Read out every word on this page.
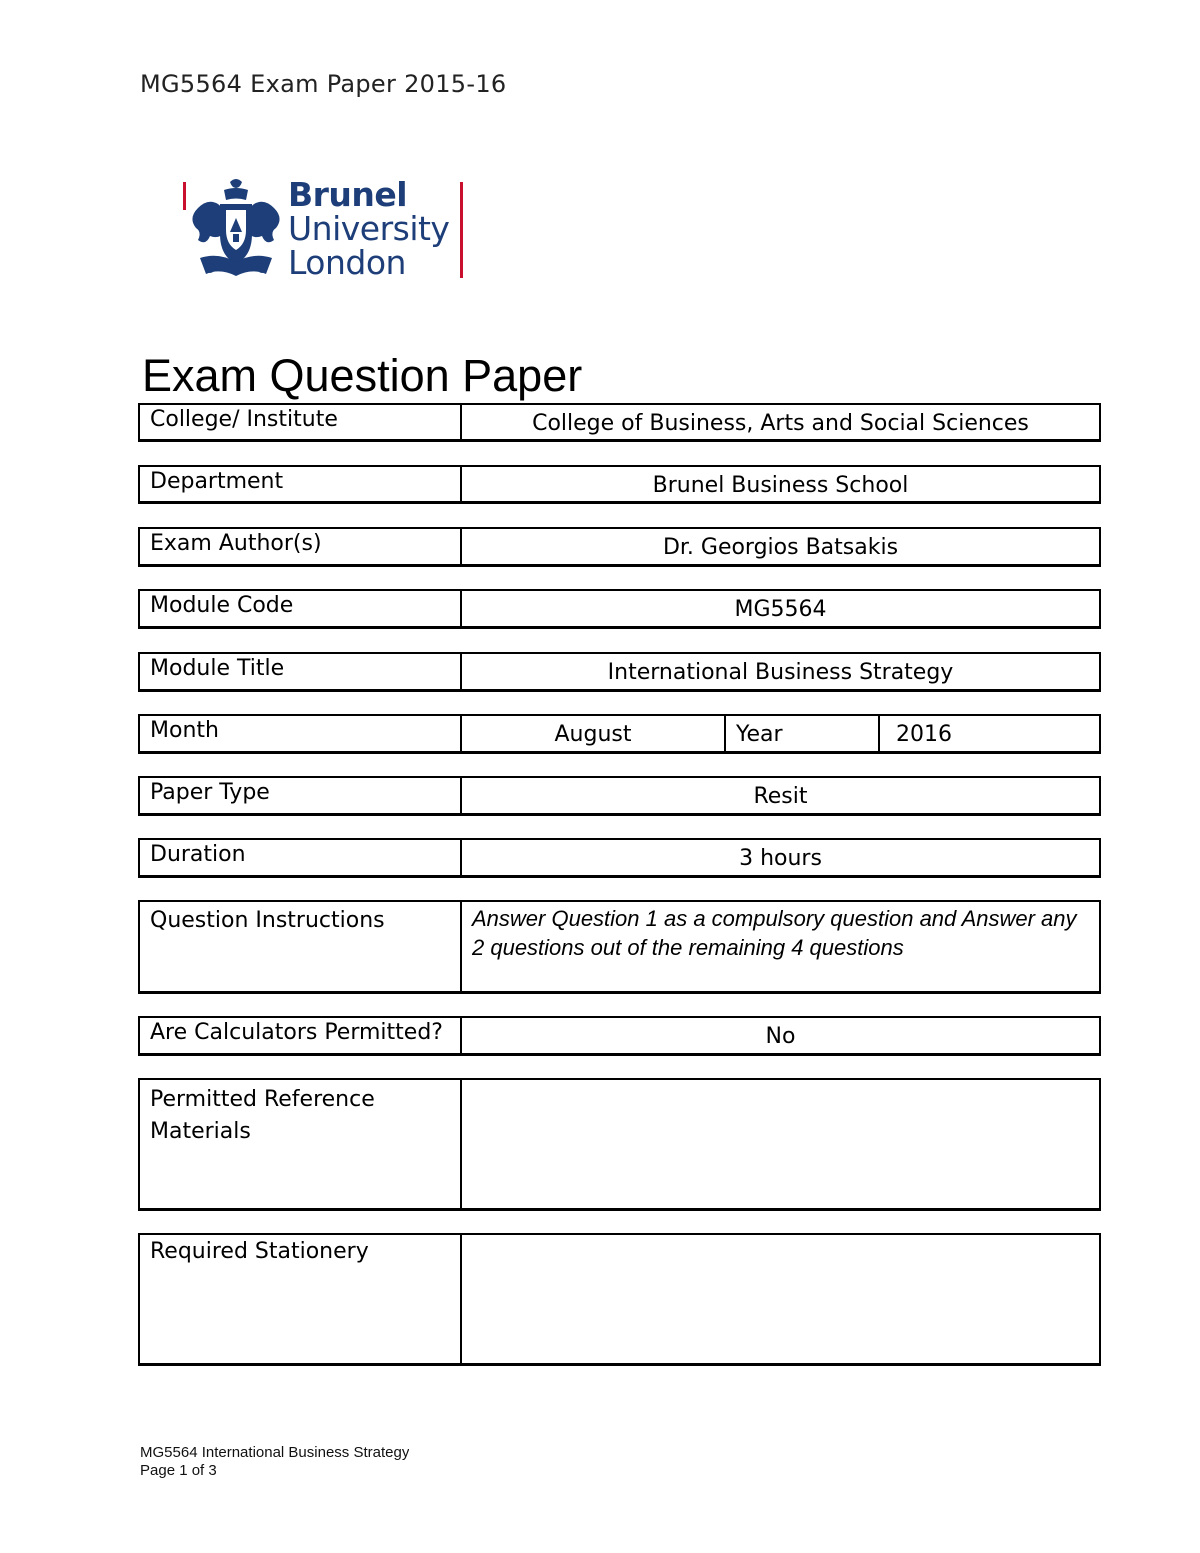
MG5564 Exam Paper 2015-16
Brunel
University
London
Exam Question Paper
College/ Institute	College of Business, Arts and Social Sciences
Department	Brunel Business School
Exam Author(s)	Dr. Georgios Batsakis
Module Code	MG5564
Module Title	International Business Strategy
Month	August	Year	2016
Paper Type	Resit
Duration	3 hours
Question Instructions	Answer Question 1 as a compulsory question and Answer any 2 questions out of the remaining 4 questions
Are Calculators Permitted?	No
Permitted Reference Materials
Required Stationery
MG5564 International Business Strategy
Page 1 of 3
